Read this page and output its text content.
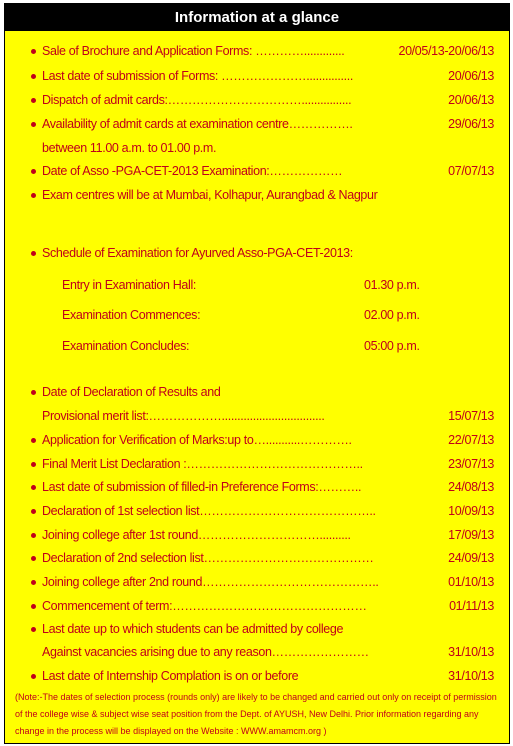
Information at a glance
Sale of Brochure and Application Forms: ………….............	20/05/13-20/06/13
Last date of submission of Forms: …………………...............	20/06/13
Dispatch of admit cards:……………………………................	20/06/13
Availability of admit cards at examination centre…………….	29/06/13
between 11.00 a.m. to 01.00 p.m.
Date of Asso -PGA-CET-2013 Examination:………………	07/07/13
Exam centres will be at Mumbai, Kolhapur, Aurangbad & Nagpur
Schedule of Examination for Ayurved Asso-PGA-CET-2013:
Entry in Examination Hall:	01.30 p.m.
Examination Commences:	02.00 p.m.
Examination Concludes:	05:00 p.m.
Date of Declaration of Results and
Provisional merit list:……………….................................	15/07/13
Application for Verification of Marks:up to…...........………….	22/07/13
Final Merit List Declaration :……………………………………..	23/07/13
Last date of submission of filled-in Preference Forms:………..	24/08/13
Declaration of 1st selection list……………………………………..	10/09/13
Joining college after 1st round…………………………..........	17/09/13
Declaration of 2nd selection list……………………………………	24/09/13
Joining college after 2nd round……………………………………..	01/10/13
Commencement of term:…………………………………………	01/11/13
Last date up to which students can be admitted by college
Against vacancies arising due to any reason……………………	31/10/13
Last date of Internship Complation is on or before	31/10/13
(Note:-The dates of selection process (rounds only) are likely to be changed and carried out only on receipt of permission of the college wise & subject wise seat position from the Dept. of AYUSH, New Delhi. Prior information regarding any change in the process will be displayed on the Website : WWW.amamcm.org )
